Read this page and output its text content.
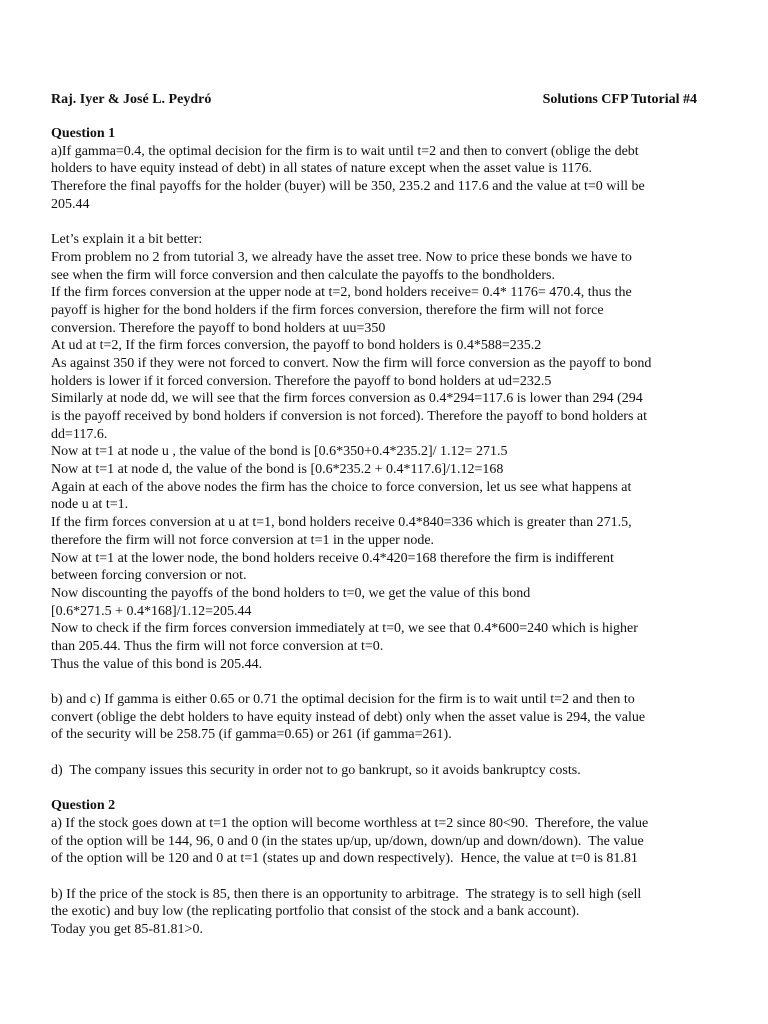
Raj. Iyer & José L. Peydró	Solutions CFP Tutorial #4
Question 1
a)If gamma=0.4, the optimal decision for the firm is to wait until t=2 and then to convert (oblige the debt
holders to have equity instead of debt) in all states of nature except when the asset value is 1176.
Therefore the final payoffs for the holder (buyer) will be 350, 235.2 and 117.6 and the value at t=0 will be
205.44
Let’s explain it a bit better:
From problem no 2 from tutorial 3, we already have the asset tree. Now to price these bonds we have to
see when the firm will force conversion and then calculate the payoffs to the bondholders.
If the firm forces conversion at the upper node at t=2, bond holders receive= 0.4* 1176= 470.4, thus the
payoff is higher for the bond holders if the firm forces conversion, therefore the firm will not force
conversion. Therefore the payoff to bond holders at uu=350
At ud at t=2, If the firm forces conversion, the payoff to bond holders is 0.4*588=235.2
As against 350 if they were not forced to convert. Now the firm will force conversion as the payoff to bond
holders is lower if it forced conversion. Therefore the payoff to bond holders at ud=232.5
Similarly at node dd, we will see that the firm forces conversion as 0.4*294=117.6 is lower than 294 (294
is the payoff received by bond holders if conversion is not forced). Therefore the payoff to bond holders at
dd=117.6.
Now at t=1 at node u , the value of the bond is [0.6*350+0.4*235.2]/ 1.12= 271.5
Now at t=1 at node d, the value of the bond is [0.6*235.2 + 0.4*117.6]/1.12=168
Again at each of the above nodes the firm has the choice to force conversion, let us see what happens at
node u at t=1.
If the firm forces conversion at u at t=1, bond holders receive 0.4*840=336 which is greater than 271.5,
therefore the firm will not force conversion at t=1 in the upper node.
Now at t=1 at the lower node, the bond holders receive 0.4*420=168 therefore the firm is indifferent
between forcing conversion or not.
Now discounting the payoffs of the bond holders to t=0, we get the value of this bond
[0.6*271.5 + 0.4*168]/1.12=205.44
Now to check if the firm forces conversion immediately at t=0, we see that 0.4*600=240 which is higher
than 205.44. Thus the firm will not force conversion at t=0.
Thus the value of this bond is 205.44.
b) and c) If gamma is either 0.65 or 0.71 the optimal decision for the firm is to wait until t=2 and then to
convert (oblige the debt holders to have equity instead of debt) only when the asset value is 294, the value
of the security will be 258.75 (if gamma=0.65) or 261 (if gamma=261).
d)  The company issues this security in order not to go bankrupt, so it avoids bankruptcy costs.
Question 2
a) If the stock goes down at t=1 the option will become worthless at t=2 since 80<90.  Therefore, the value
of the option will be 144, 96, 0 and 0 (in the states up/up, up/down, down/up and down/down).  The value
of the option will be 120 and 0 at t=1 (states up and down respectively).  Hence, the value at t=0 is 81.81
b) If the price of the stock is 85, then there is an opportunity to arbitrage.  The strategy is to sell high (sell
the exotic) and buy low (the replicating portfolio that consist of the stock and a bank account).
Today you get 85-81.81>0.
